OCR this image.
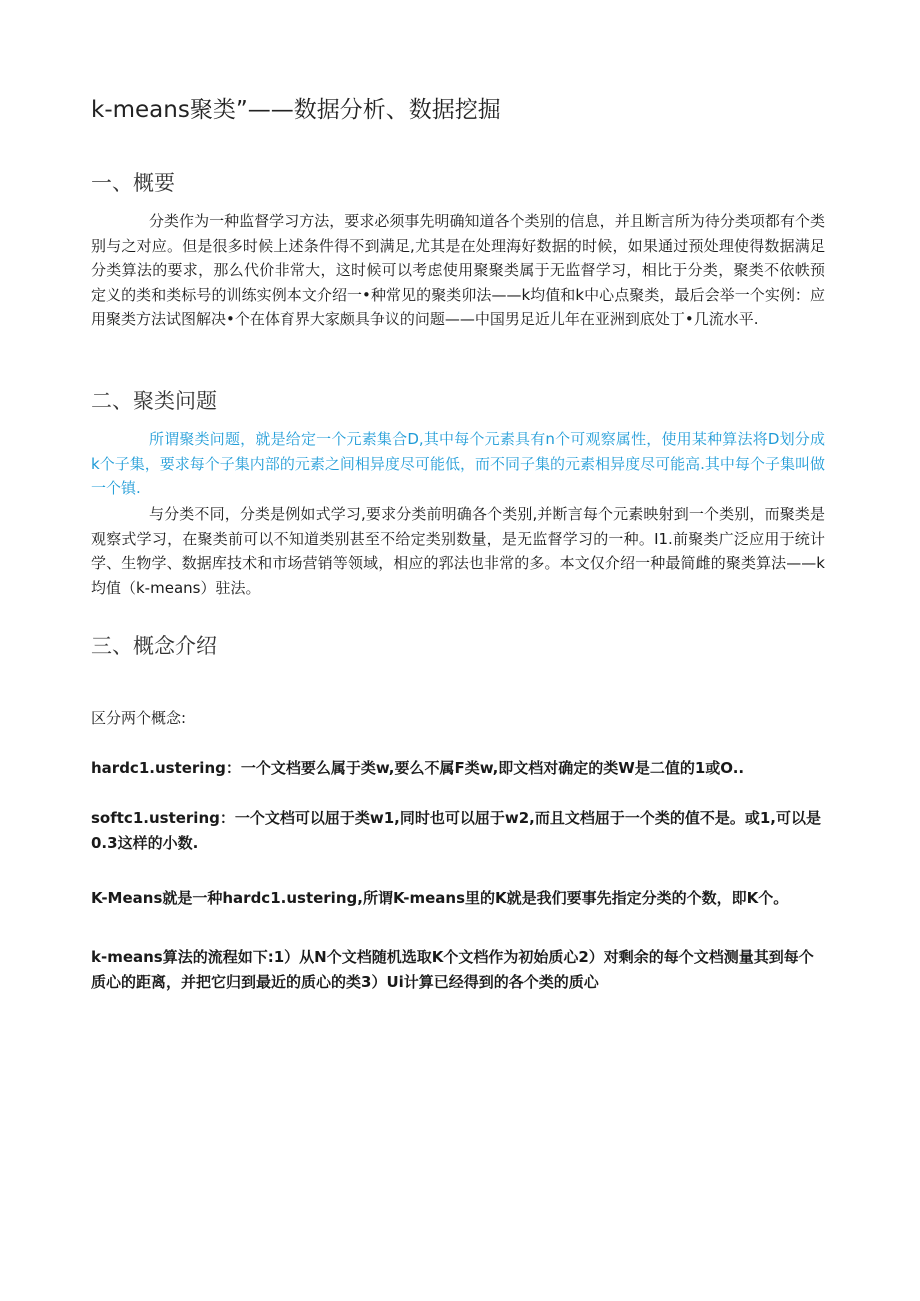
k-means聚类”——数据分析、数据挖掘
一、概要
分类作为一种监督学习方法，要求必须事先明确知道各个类别的信息，并且断言所为待分类项都有个类别与之对应。但是很多时候上述条件得不到满足,尤其是在处理海好数据的时候，如果通过预处理使得数据满足分类算法的要求，那么代价非常大，这时候可以考虑使用聚聚类属于无监督学习，相比于分类，聚类不依帙预定义的类和类标号的训练实例本文介绍一•种常见的聚类卯法——k均值和k中心点聚类，最后会举一个实例：应用聚类方法试图解决•个在体育界大家颇具争议的问题——中国男足近儿年在亚洲到底处丁•几流水平.
二、聚类问题
所谓聚类问题，就是给定一个元素集合D,其中每个元素具有n个可观察属性，使用某种算法将D划分成k个子集，要求每个子集内部的元素之间相异度尽可能低，而不同子集的元素相异度尽可能高.其中每个子集叫做一个镇.
与分类不同，分类是例如式学习,要求分类前明确各个类别,并断言每个元素映射到一个类别，而聚类是观察式学习，在聚类前可以不知道类别甚至不给定类别数量，是无监督学习的一种。I1.前聚类广泛应用于统计学、生物学、数据库技术和市场营销等领域，相应的郛法也非常的多。本文仅介绍一种最简雌的聚类算法——k均值（k-means）驻法。
三、概念介绍
区分两个概念:
hardc1.ustering：一个文档要么属于类w,要么不属F类w,即文档对确定的类W是二值的1或O..
softc1.ustering：一个文档可以屈于类w1,同时也可以屈于w2,而且文档屈于一个类的值不是。或1,可以是0.3这样的小数.
K-Means就是一种hardc1.ustering,所谓K-means里的K就是我们要事先指定分类的个数，即K个。
k-means算法的流程如下:1）从N个文档随机选取K个文档作为初始质心2）对剩余的每个文档测量其到每个质心的距离，并把它归到最近的质心的类3）Ui计算已经得到的各个类的质心
